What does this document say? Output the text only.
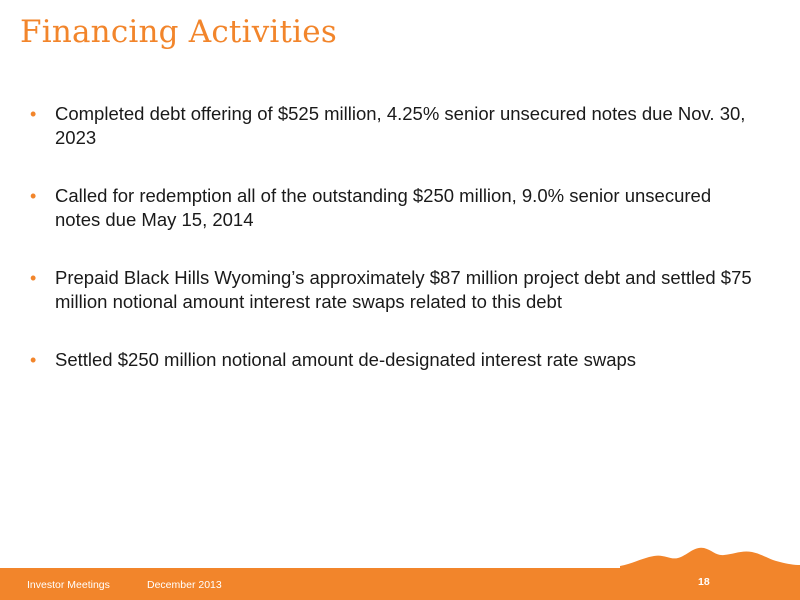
Financing Activities
• Completed debt offering of $525 million, 4.25% senior unsecured notes due Nov. 30, 2023
• Called for redemption all of the outstanding $250 million, 9.0% senior unsecured notes due May 15, 2014
• Prepaid Black Hills Wyoming’s approximately $87 million project debt and settled $75 million notional amount interest rate swaps related to this debt
• Settled $250 million notional amount de-designated interest rate swaps
Investor Meetings	December 2013	18
